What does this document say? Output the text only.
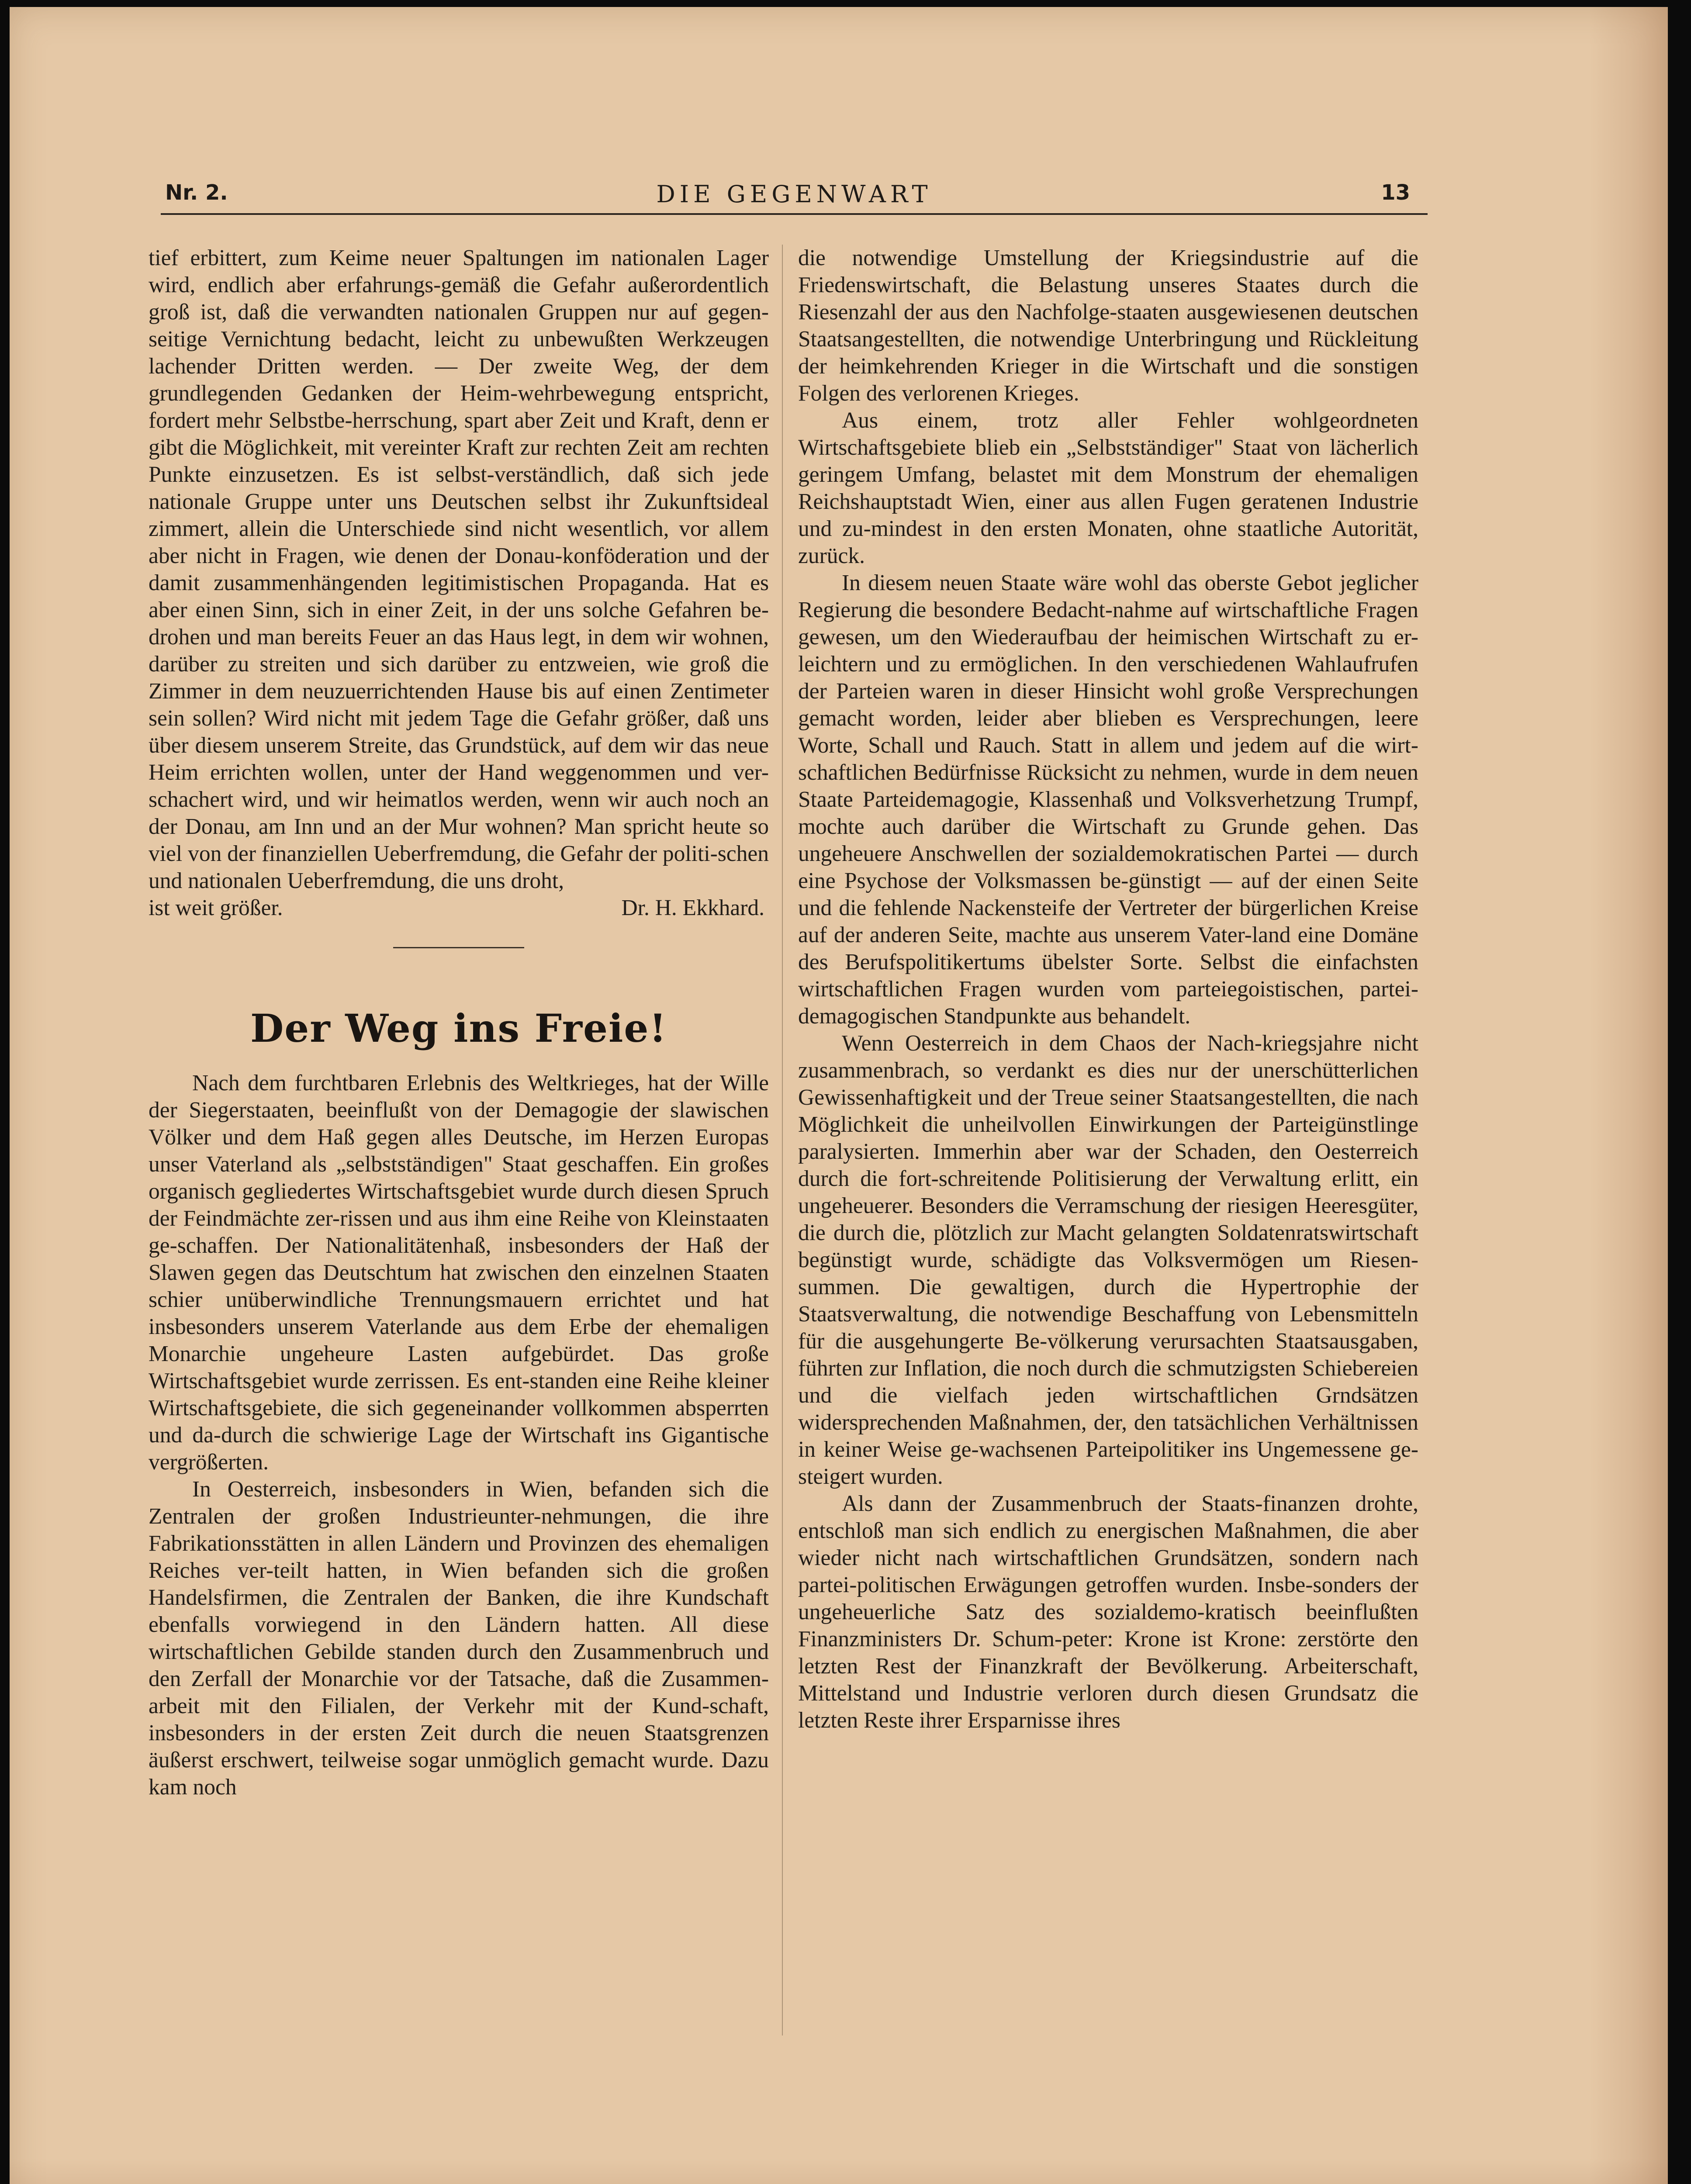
Nr. 2.	DIE GEGENWART	13

tief erbittert, zum Keime neuer Spaltungen im nationalen Lager wird, endlich aber erfahrungs-​gemäß die Gefahr außerordentlich groß ist, daß die verwandten nationalen Gruppen nur auf gegen-​seitige Vernichtung bedacht, leicht zu unbewußten Werkzeugen lachender Dritten werden. — Der zweite Weg, der dem grundlegenden Gedanken der Heim-​wehrbewegung entspricht, fordert mehr Selbstbe-​herrschung, spart aber Zeit und Kraft, denn er gibt die Möglichkeit, mit vereinter Kraft zur rechten Zeit am rechten Punkte einzusetzen. Es ist selbst-​verständlich, daß sich jede nationale Gruppe unter uns Deutschen selbst ihr Zukunftsideal zimmert, allein die Unterschiede sind nicht wesentlich, vor allem aber nicht in Fragen, wie denen der Donau-​konföderation und der damit zusammenhängenden legitimistischen Propaganda. Hat es aber einen Sinn, sich in einer Zeit, in der uns solche Gefahren be-​drohen und man bereits Feuer an das Haus legt, in dem wir wohnen, darüber zu streiten und sich darüber zu entzweien, wie groß die Zimmer in dem neuzuerrichtenden Hause bis auf einen Zentimeter sein sollen? Wird nicht mit jedem Tage die Gefahr größer, daß uns über diesem unserem Streite, das Grundstück, auf dem wir das neue Heim errichten wollen, unter der Hand weggenommen und ver-​schachert wird, und wir heimatlos werden, wenn wir auch noch an der Donau, am Inn und an der Mur wohnen? Man spricht heute so viel von der finanziellen Ueberfremdung, die Gefahr der politi-​schen und nationalen Ueberfremdung, die uns droht,

ist weit größer.	Dr. H. Ekkhard.

Der Weg ins Freie!

Nach dem furchtbaren Erlebnis des Weltkrieges, hat der Wille der Siegerstaaten, beeinflußt von der Demagogie der slawischen Völker und dem Haß gegen alles Deutsche, im Herzen Europas unser Vaterland als „selbstständigen" Staat geschaffen. Ein großes organisch gegliedertes Wirtschaftsgebiet wurde durch diesen Spruch der Feindmächte zer-​rissen und aus ihm eine Reihe von Kleinstaaten ge-​schaffen. Der Nationalitätenhaß, insbesonders der Haß der Slawen gegen das Deutschtum hat zwischen den einzelnen Staaten schier unüberwindliche Trennungsmauern errichtet und hat insbesonders unserem Vaterlande aus dem Erbe der ehemaligen Monarchie ungeheure Lasten aufgebürdet. Das große Wirtschaftsgebiet wurde zerrissen. Es ent-​standen eine Reihe kleiner Wirtschaftsgebiete, die sich gegeneinander vollkommen absperrten und da-​durch die schwierige Lage der Wirtschaft ins Gigantische vergrößerten.

In Oesterreich, insbesonders in Wien, befanden sich die Zentralen der großen Industrieunter-​nehmungen, die ihre Fabrikationsstätten in allen Ländern und Provinzen des ehemaligen Reiches ver-​teilt hatten, in Wien befanden sich die großen Handelsfirmen, die Zentralen der Banken, die ihre Kundschaft ebenfalls vorwiegend in den Ländern hatten. All diese wirtschaftlichen Gebilde standen durch den Zusammenbruch und den Zerfall der Monarchie vor der Tatsache, daß die Zusammen-​arbeit mit den Filialen, der Verkehr mit der Kund-​schaft, insbesonders in der ersten Zeit durch die neuen Staatsgrenzen äußerst erschwert, teilweise sogar unmöglich gemacht wurde. Dazu kam noch

die notwendige Umstellung der Kriegsindustrie auf die Friedenswirtschaft, die Belastung unseres Staates durch die Riesenzahl der aus den Nachfolge-​staaten ausgewiesenen deutschen Staatsangestellten, die notwendige Unterbringung und Rückleitung der heimkehrenden Krieger in die Wirtschaft und die sonstigen Folgen des verlorenen Krieges.

Aus einem, trotz aller Fehler wohlgeordneten Wirtschaftsgebiete blieb ein „Selbstständiger" Staat von lächerlich geringem Umfang, belastet mit dem Monstrum der ehemaligen Reichshauptstadt Wien, einer aus allen Fugen geratenen Industrie und zu-​mindest in den ersten Monaten, ohne staatliche Autorität, zurück.

In diesem neuen Staate wäre wohl das oberste Gebot jeglicher Regierung die besondere Bedacht-​nahme auf wirtschaftliche Fragen gewesen, um den Wiederaufbau der heimischen Wirtschaft zu er-​leichtern und zu ermöglichen. In den verschiedenen Wahlaufrufen der Parteien waren in dieser Hinsicht wohl große Versprechungen gemacht worden, leider aber blieben es Versprechungen, leere Worte, Schall und Rauch. Statt in allem und jedem auf die wirt-​schaftlichen Bedürfnisse Rücksicht zu nehmen, wurde in dem neuen Staate Parteidemagogie, Klassenhaß und Volksverhetzung Trumpf, mochte auch darüber die Wirtschaft zu Grunde gehen. Das ungeheuere Anschwellen der sozialdemokratischen Partei — durch eine Psychose der Volksmassen be-​günstigt — auf der einen Seite und die fehlende Nackensteife der Vertreter der bürgerlichen Kreise auf der anderen Seite, machte aus unserem Vater-​land eine Domäne des Berufspolitikertums übelster Sorte. Selbst die einfachsten wirtschaftlichen Fragen wurden vom parteiegoistischen, partei-​demagogischen Standpunkte aus behandelt.

Wenn Oesterreich in dem Chaos der Nach-​kriegsjahre nicht zusammenbrach, so verdankt es dies nur der unerschütterlichen Gewissenhaftigkeit und der Treue seiner Staatsangestellten, die nach Möglichkeit die unheilvollen Einwirkungen der Parteigünstlinge paralysierten. Immerhin aber war der Schaden, den Oesterreich durch die fort-​schreitende Politisierung der Verwaltung erlitt, ein ungeheuerer. Besonders die Verramschung der riesigen Heeresgüter, die durch die, plötzlich zur Macht gelangten Soldatenratswirtschaft begünstigt wurde, schädigte das Volksvermögen um Riesen-​summen. Die gewaltigen, durch die Hypertrophie der Staatsverwaltung, die notwendige Beschaffung von Lebensmitteln für die ausgehungerte Be-​völkerung verursachten Staatsausgaben, führten zur Inflation, die noch durch die schmutzigsten Schiebereien und die vielfach jeden wirtschaftlichen Grndsätzen widersprechenden Maßnahmen, der, den tatsächlichen Verhältnissen in keiner Weise ge-​wachsenen Parteipolitiker ins Ungemessene ge-​steigert wurden.

Als dann der Zusammenbruch der Staats-​finanzen drohte, entschloß man sich endlich zu energischen Maßnahmen, die aber wieder nicht nach wirtschaftlichen Grundsätzen, sondern nach partei-​politischen Erwägungen getroffen wurden. Insbe-​sonders der ungeheuerliche Satz des sozialdemo-​kratisch beeinflußten Finanzministers Dr. Schum-​peter: Krone ist Krone: zerstörte den letzten Rest der Finanzkraft der Bevölkerung. Arbeiterschaft, Mittelstand und Industrie verloren durch diesen Grundsatz die letzten Reste ihrer Ersparnisse ihres
